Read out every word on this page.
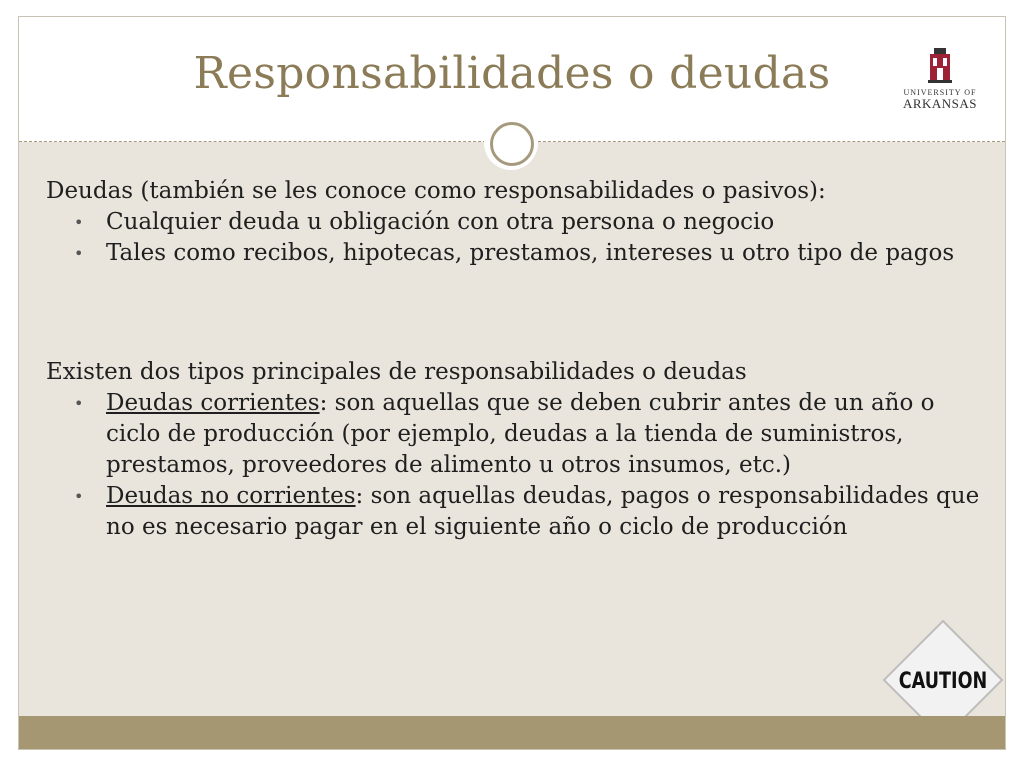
Responsabilidades o deudas	UNIVERSITY OF
ARKANSAS

Deudas (también se les conoce como responsabilidades o pasivos):

• Cualquier deuda u obligación con otra persona o negocio
• Tales como recibos, hipotecas, prestamos, intereses u otro tipo de pagos

Existen dos tipos principales de responsabilidades o deudas

• Deudas corrientes: son aquellas que se deben cubrir antes de un año o ciclo de producción (por ejemplo, deudas a la tienda de suministros, prestamos, proveedores de alimento u otros insumos, etc.)
• Deudas no corrientes: son aquellas deudas, pagos o responsabilidades que no es necesario pagar en el siguiente año o ciclo de producción
CAUTION
